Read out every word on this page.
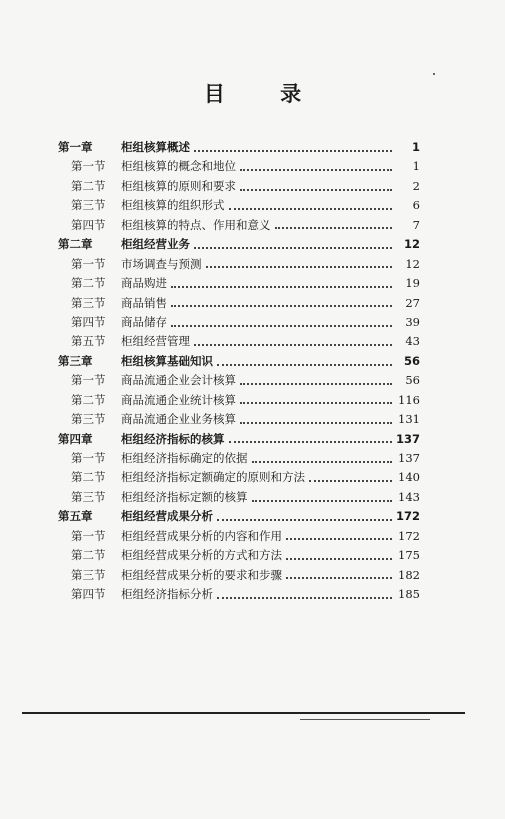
目 录
第一章	柜组核算概述	1
第一节	柜组核算的概念和地位	1
第二节	柜组核算的原则和要求	2
第三节	柜组核算的组织形式	6
第四节	柜组核算的特点、作用和意义	7
第二章	柜组经营业务	12
第一节	市场调查与预测	12
第二节	商品购进	19
第三节	商品销售	27
第四节	商品储存	39
第五节	柜组经营管理	43
第三章	柜组核算基础知识	56
第一节	商品流通企业会计核算	56
第二节	商品流通企业统计核算	116
第三节	商品流通企业业务核算	131
第四章	柜组经济指标的核算	137
第一节	柜组经济指标确定的依据	137
第二节	柜组经济指标定额确定的原则和方法	140
第三节	柜组经济指标定额的核算	143
第五章	柜组经营成果分析	172
第一节	柜组经营成果分析的内容和作用	172
第二节	柜组经营成果分析的方式和方法	175
第三节	柜组经营成果分析的要求和步骤	182
第四节	柜组经济指标分析	185
